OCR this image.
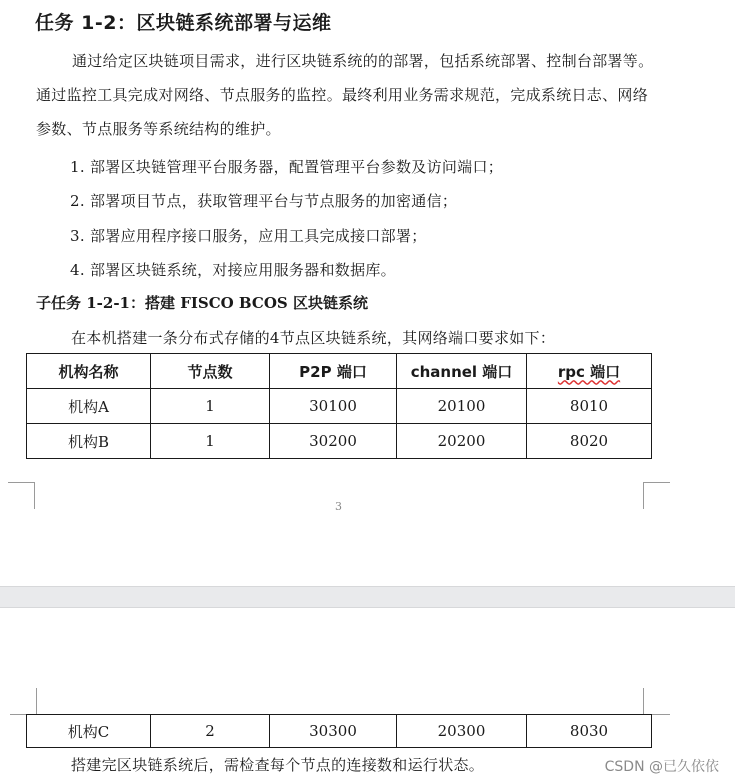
任务 1-2：区块链系统部署与运维

通过给定区块链项目需求，进行区块链系统的的部署，包括系统部署、控制台部署等。通过监控工具完成对网络、节点服务的监控。最终利用业务需求规范，完成系统日志、网络参数、节点服务等系统结构的维护。

1. 部署区块链管理平台服务器，配置管理平台参数及访问端口；
2. 部署项目节点，获取管理平台与节点服务的加密通信；
3. 部署应用程序接口服务，应用工具完成接口部署；
4. 部署区块链系统，对接应用服务器和数据库。
子任务 1-2-1：搭建 FISCO BCOS 区块链系统
在本机搭建一条分布式存储的4节点区块链系统，其网络端口要求如下：
机构名称	节点数	P2P 端口	channel 端口	rpc 端口
机构A	1	30100	20100	8010
机构B	1	30200	20200	8020
3
机构C	2	30300	20300	8030
搭建完区块链系统后，需检查每个节点的连接数和运行状态。	CSDN @已久依依
